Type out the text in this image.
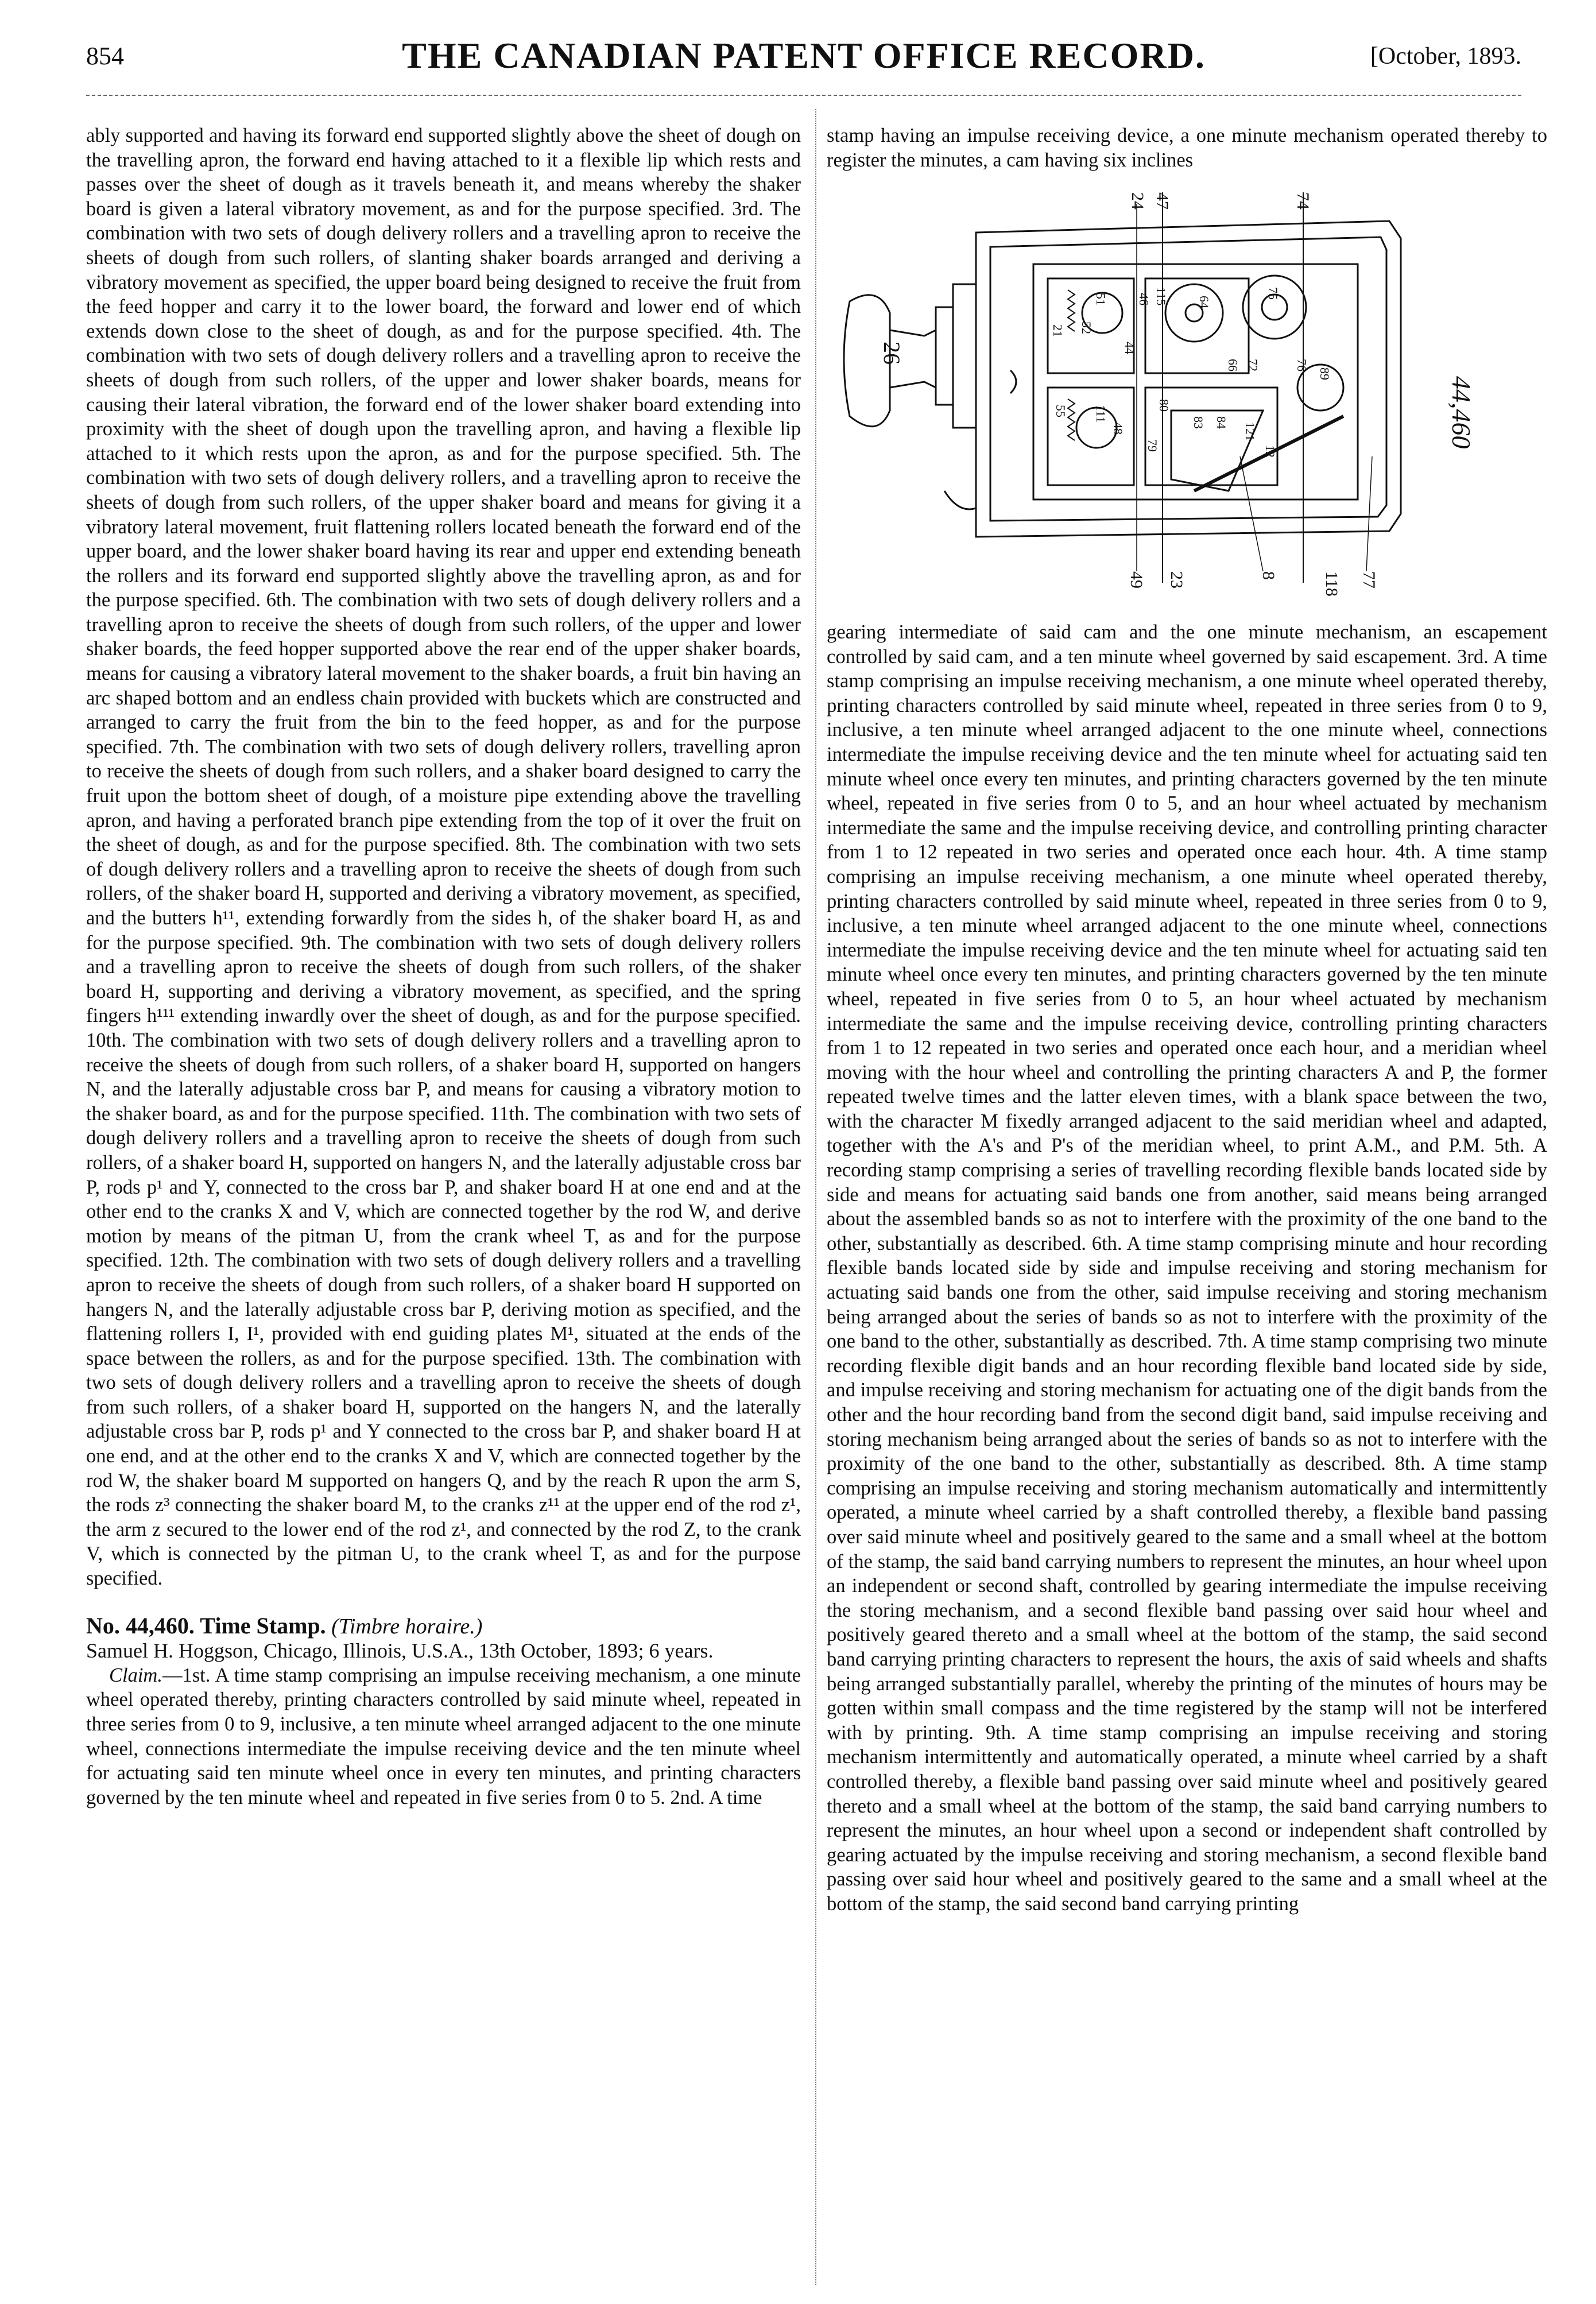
854	THE CANADIAN PATENT OFFICE RECORD.	[October, 1893.

ably supported and having its forward end supported slightly above the sheet of dough on the travelling apron, the forward end having attached to it a flexible lip which rests and passes over the sheet of dough as it travels beneath it, and means whereby the shaker board is given a lateral vibratory movement, as and for the purpose specified. 3rd. The combination with two sets of dough delivery rollers and a travelling apron to receive the sheets of dough from such rollers, of slanting shaker boards arranged and deriving a vibratory movement as specified, the upper board being designed to receive the fruit from the feed hopper and carry it to the lower board, the forward and lower end of which extends down close to the sheet of dough, as and for the purpose specified. 4th. The combination with two sets of dough delivery rollers and a travelling apron to receive the sheets of dough from such rollers, of the upper and lower shaker boards, means for causing their lateral vibration, the forward end of the lower shaker board extending into proximity with the sheet of dough upon the travelling apron, and having a flexible lip attached to it which rests upon the apron, as and for the purpose specified. 5th. The combination with two sets of dough delivery rollers, and a travelling apron to receive the sheets of dough from such rollers, of the upper shaker board and means for giving it a vibratory lateral movement, fruit flattening rollers located beneath the forward end of the upper board, and the lower shaker board having its rear and upper end extending beneath the rollers and its forward end supported slightly above the travelling apron, as and for the purpose specified. 6th. The combination with two sets of dough delivery rollers and a travelling apron to receive the sheets of dough from such rollers, of the upper and lower shaker boards, the feed hopper supported above the rear end of the upper shaker boards, means for causing a vibratory lateral movement to the shaker boards, a fruit bin having an arc shaped bottom and an endless chain provided with buckets which are constructed and arranged to carry the fruit from the bin to the feed hopper, as and for the purpose specified. 7th. The combination with two sets of dough delivery rollers, travelling apron to receive the sheets of dough from such rollers, and a shaker board designed to carry the fruit upon the bottom sheet of dough, of a moisture pipe extending above the travelling apron, and having a perforated branch pipe extending from the top of it over the fruit on the sheet of dough, as and for the purpose specified. 8th. The combination with two sets of dough delivery rollers and a travelling apron to receive the sheets of dough from such rollers, of the shaker board H, supported and deriving a vibratory movement, as specified, and the butters h¹¹, extending forwardly from the sides h, of the shaker board H, as and for the purpose specified. 9th. The combination with two sets of dough delivery rollers and a travelling apron to receive the sheets of dough from such rollers, of the shaker board H, supporting and deriving a vibratory movement, as specified, and the spring fingers h¹¹¹ extending inwardly over the sheet of dough, as and for the purpose specified. 10th. The combination with two sets of dough delivery rollers and a travelling apron to receive the sheets of dough from such rollers, of a shaker board H, supported on hangers N, and the laterally adjustable cross bar P, and means for causing a vibratory motion to the shaker board, as and for the purpose specified. 11th. The combination with two sets of dough delivery rollers and a travelling apron to receive the sheets of dough from such rollers, of a shaker board H, supported on hangers N, and the laterally adjustable cross bar P, rods p¹ and Y, connected to the cross bar P, and shaker board H at one end and at the other end to the cranks X and V, which are connected together by the rod W, and derive motion by means of the pitman U, from the crank wheel T, as and for the purpose specified. 12th. The combination with two sets of dough delivery rollers and a travelling apron to receive the sheets of dough from such rollers, of a shaker board H supported on hangers N, and the laterally adjustable cross bar P, deriving motion as specified, and the flattening rollers I, I¹, provided with end guiding plates M¹, situated at the ends of the space between the rollers, as and for the purpose specified. 13th. The combination with two sets of dough delivery rollers and a travelling apron to receive the sheets of dough from such rollers, of a shaker board H, supported on the hangers N, and the laterally adjustable cross bar P, rods p¹ and Y connected to the cross bar P, and shaker board H at one end, and at the other end to the cranks X and V, which are connected together by the rod W, the shaker board M supported on hangers Q, and by the reach R upon the arm S, the rods z³ connecting the shaker board M, to the cranks z¹¹ at the upper end of the rod z¹, the arm z secured to the lower end of the rod z¹, and connected by the rod Z, to the crank V, which is connected by the pitman U, to the crank wheel T, as and for the purpose specified.

No. 44,460. Time Stamp. (Timbre horaire.)

Samuel H. Hoggson, Chicago, Illinois, U.S.A., 13th October, 1893; 6 years.

Claim.—1st. A time stamp comprising an impulse receiving mechanism, a one minute wheel operated thereby, printing characters controlled by said minute wheel, repeated in three series from 0 to 9, inclusive, a ten minute wheel arranged adjacent to the one minute wheel, connections intermediate the impulse receiving device and the ten minute wheel for actuating said ten minute wheel once in every ten minutes, and printing characters governed by the ten minute wheel and repeated in five series from 0 to 5. 2nd. A time

stamp having an impulse receiving device, a one minute mechanism operated thereby to register the minutes, a cam having six inclines

24 47	74
26
49 23	8	118 77
44,460
21 52
51 46 115 64
75
44
66 72	76
89
55 111
48
80
79
83 84 121
12

gearing intermediate of said cam and the one minute mechanism, an escapement controlled by said cam, and a ten minute wheel governed by said escapement. 3rd. A time stamp comprising an impulse receiving mechanism, a one minute wheel operated thereby, printing characters controlled by said minute wheel, repeated in three series from 0 to 9, inclusive, a ten minute wheel arranged adjacent to the one minute wheel, connections intermediate the impulse receiving device and the ten minute wheel for actuating said ten minute wheel once every ten minutes, and printing characters governed by the ten minute wheel, repeated in five series from 0 to 5, and an hour wheel actuated by mechanism intermediate the same and the impulse receiving device, and controlling printing character from 1 to 12 repeated in two series and operated once each hour. 4th. A time stamp comprising an impulse receiving mechanism, a one minute wheel operated thereby, printing characters controlled by said minute wheel, repeated in three series from 0 to 9, inclusive, a ten minute wheel arranged adjacent to the one minute wheel, connections intermediate the impulse receiving device and the ten minute wheel for actuating said ten minute wheel once every ten minutes, and printing characters governed by the ten minute wheel, repeated in five series from 0 to 5, an hour wheel actuated by mechanism intermediate the same and the impulse receiving device, controlling printing characters from 1 to 12 repeated in two series and operated once each hour, and a meridian wheel moving with the hour wheel and controlling the printing characters A and P, the former repeated twelve times and the latter eleven times, with a blank space between the two, with the character M fixedly arranged adjacent to the said meridian wheel and adapted, together with the A's and P's of the meridian wheel, to print A.M., and P.M. 5th. A recording stamp comprising a series of travelling recording flexible bands located side by side and means for actuating said bands one from another, said means being arranged about the assembled bands so as not to interfere with the proximity of the one band to the other, substantially as described. 6th. A time stamp comprising minute and hour recording flexible bands located side by side and impulse receiving and storing mechanism for actuating said bands one from the other, said impulse receiving and storing mechanism being arranged about the series of bands so as not to interfere with the proximity of the one band to the other, substantially as described. 7th. A time stamp comprising two minute recording flexible digit bands and an hour recording flexible band located side by side, and impulse receiving and storing mechanism for actuating one of the digit bands from the other and the hour recording band from the second digit band, said impulse receiving and storing mechanism being arranged about the series of bands so as not to interfere with the proximity of the one band to the other, substantially as described. 8th. A time stamp comprising an impulse receiving and storing mechanism automatically and intermittently operated, a minute wheel carried by a shaft controlled thereby, a flexible band passing over said minute wheel and positively geared to the same and a small wheel at the bottom of the stamp, the said band carrying numbers to represent the minutes, an hour wheel upon an independent or second shaft, controlled by gearing intermediate the impulse receiving the storing mechanism, and a second flexible band passing over said hour wheel and positively geared thereto and a small wheel at the bottom of the stamp, the said second band carrying printing characters to represent the hours, the axis of said wheels and shafts being arranged substantially parallel, whereby the printing of the minutes of hours may be gotten within small compass and the time registered by the stamp will not be interfered with by printing. 9th. A time stamp comprising an impulse receiving and storing mechanism intermittently and automatically operated, a minute wheel carried by a shaft controlled thereby, a flexible band passing over said minute wheel and positively geared thereto and a small wheel at the bottom of the stamp, the said band carrying numbers to represent the minutes, an hour wheel upon a second or independent shaft controlled by gearing actuated by the impulse receiving and storing mechanism, a second flexible band passing over said hour wheel and positively geared to the same and a small wheel at the bottom of the stamp, the said second band carrying printing
